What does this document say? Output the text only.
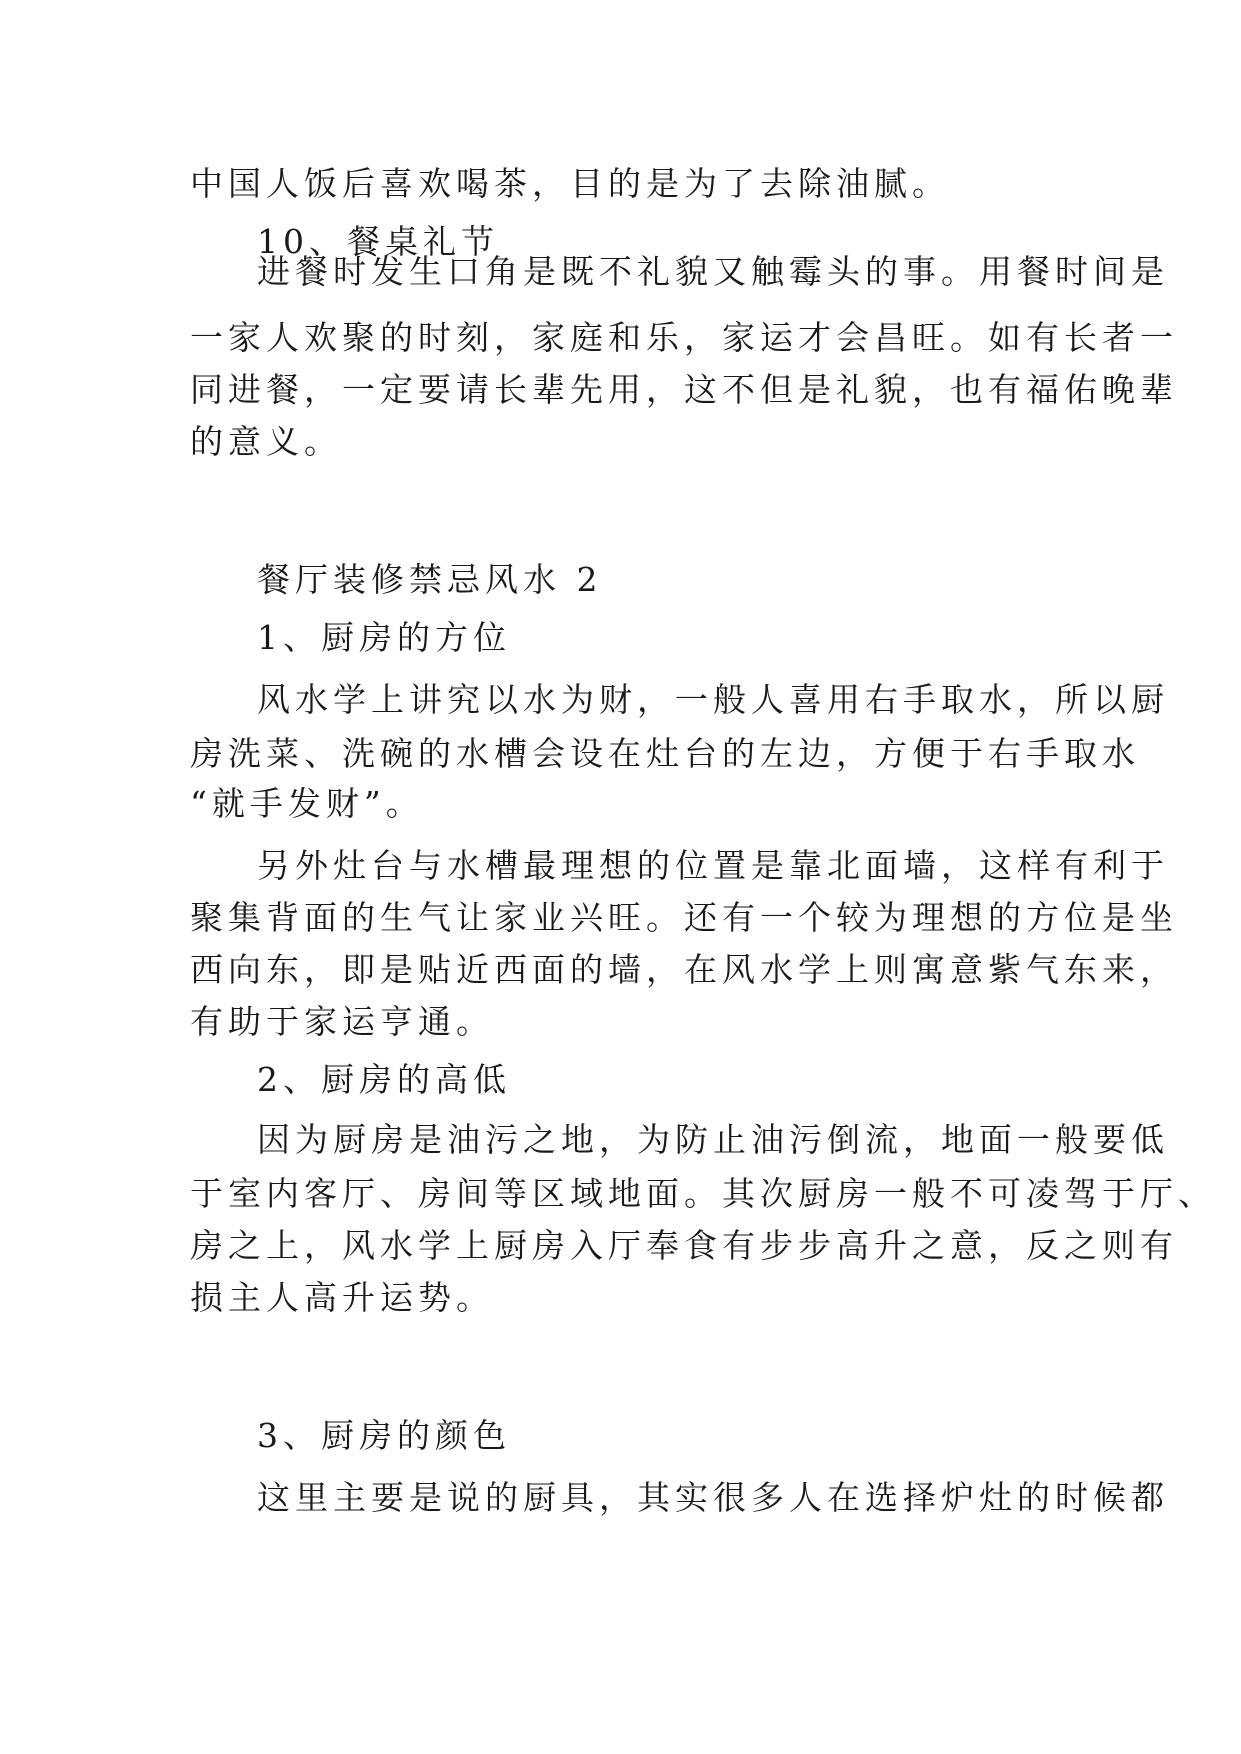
中国人饭后喜欢喝茶，目的是为了去除油腻。
10、餐桌礼节
进餐时发生口角是既不礼貌又触霉头的事。用餐时间是
一家人欢聚的时刻，家庭和乐，家运才会昌旺。如有长者一
同进餐，一定要请长辈先用，这不但是礼貌，也有福佑晚辈
的意义。
餐厅装修禁忌风水 2
1、厨房的方位
风水学上讲究以水为财，一般人喜用右手取水，所以厨
房洗菜、洗碗的水槽会设在灶台的左边，方便于右手取水
“就手发财”。
另外灶台与水槽最理想的位置是靠北面墙，这样有利于
聚集背面的生气让家业兴旺。还有一个较为理想的方位是坐
西向东，即是贴近西面的墙，在风水学上则寓意紫气东来，
有助于家运亨通。
2、厨房的高低
因为厨房是油污之地，为防止油污倒流，地面一般要低
于室内客厅、房间等区域地面。其次厨房一般不可凌驾于厅、
房之上，风水学上厨房入厅奉食有步步高升之意，反之则有
损主人高升运势。
3、厨房的颜色
这里主要是说的厨具，其实很多人在选择炉灶的时候都
